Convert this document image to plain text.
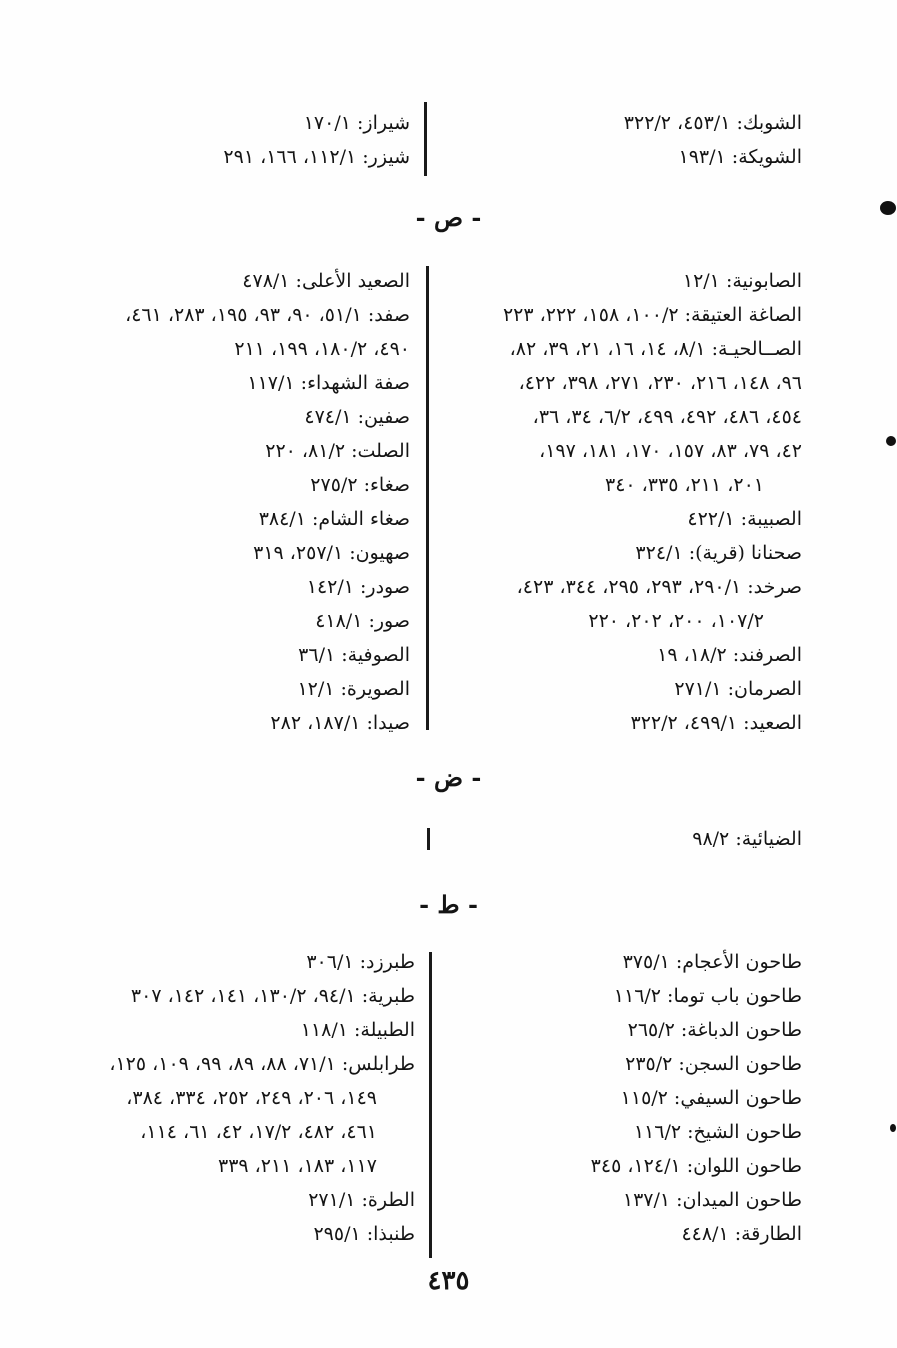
الشوبك: ٤٥٣/١، ٣٢٢/٢
الشويكة: ١٩٣/١
شيراز: ١٧٠/١
شيزر: ١١٢/١، ١٦٦، ٢٩١
- ص -
الصابونية: ١٢/١
الصاغة العتيقة: ١٠٠/٢، ١٥٨، ٢٢٢، ٢٢٣
الصــالحيـة: ٨/١، ١٤، ١٦، ٢١، ٣٩، ٨٢،
٩٦، ١٤٨، ٢١٦، ٢٣٠، ٢٧١، ٣٩٨، ٤٢٢،
٤٥٤، ٤٨٦، ٤٩٢، ٤٩٩، ٦/٢، ٣٤، ٣٦،
٤٢، ٧٩، ٨٣، ١٥٧، ١٧٠، ١٨١، ١٩٧،
٢٠١، ٢١١، ٣٣٥، ٣٤٠
الصبيبة: ٤٢٢/١
صحنانا (قرية): ٣٢٤/١
صرخد: ٢٩٠/١، ٢٩٣، ٢٩٥، ٣٤٤، ٤٢٣،
١٠٧/٢، ٢٠٠، ٢٠٢، ٢٢٠
الصرفند: ١٨/٢، ١٩
الصرمان: ٢٧١/١
الصعيد: ٤٩٩/١، ٣٢٢/٢
الصعيد الأعلى: ٤٧٨/١
صفد: ٥١/١، ٩٠، ٩٣، ١٩٥، ٢٨٣، ٤٦١،
٤٩٠، ١٨٠/٢، ١٩٩، ٢١١
صفة الشهداء: ١١٧/١
صفين: ٤٧٤/١
الصلت: ٨١/٢، ٢٢٠
صغاء: ٢٧٥/٢
صغاء الشام: ٣٨٤/١
صهيون: ٢٥٧/١، ٣١٩
صودر: ١٤٢/١
صور: ٤١٨/١
الصوفية: ٣٦/١
الصويرة: ١٢/١
صيدا: ١٨٧/١، ٢٨٢
- ض -
الضيائية: ٩٨/٢
- ط -
طاحون الأعجام: ٣٧٥/١
طاحون باب توما: ١١٦/٢
طاحون الدباغة: ٢٦٥/٢
طاحون السجن: ٢٣٥/٢
طاحون السيفي: ١١٥/٢
طاحون الشيخ: ١١٦/٢
طاحون اللوان: ١٢٤/١، ٣٤٥
طاحون الميدان: ١٣٧/١
الطارقة: ٤٤٨/١
طبرزد: ٣٠٦/١
طبرية: ٩٤/١، ١٣٠/٢، ١٤١، ١٤٢، ٣٠٧
الطبيلة: ١١٨/١
طرابلس: ٧١/١، ٨٨، ٨٩، ٩٩، ١٠٩، ١٢٥،
١٤٩، ٢٠٦، ٢٤٩، ٢٥٢، ٣٣٤، ٣٨٤،
٤٦١، ٤٨٢، ١٧/٢، ٤٢، ٦١، ١١٤،
١١٧، ١٨٣، ٢١١، ٣٣٩
الطرة: ٢٧١/١
طنبذا: ٢٩٥/١
٤٣٥
